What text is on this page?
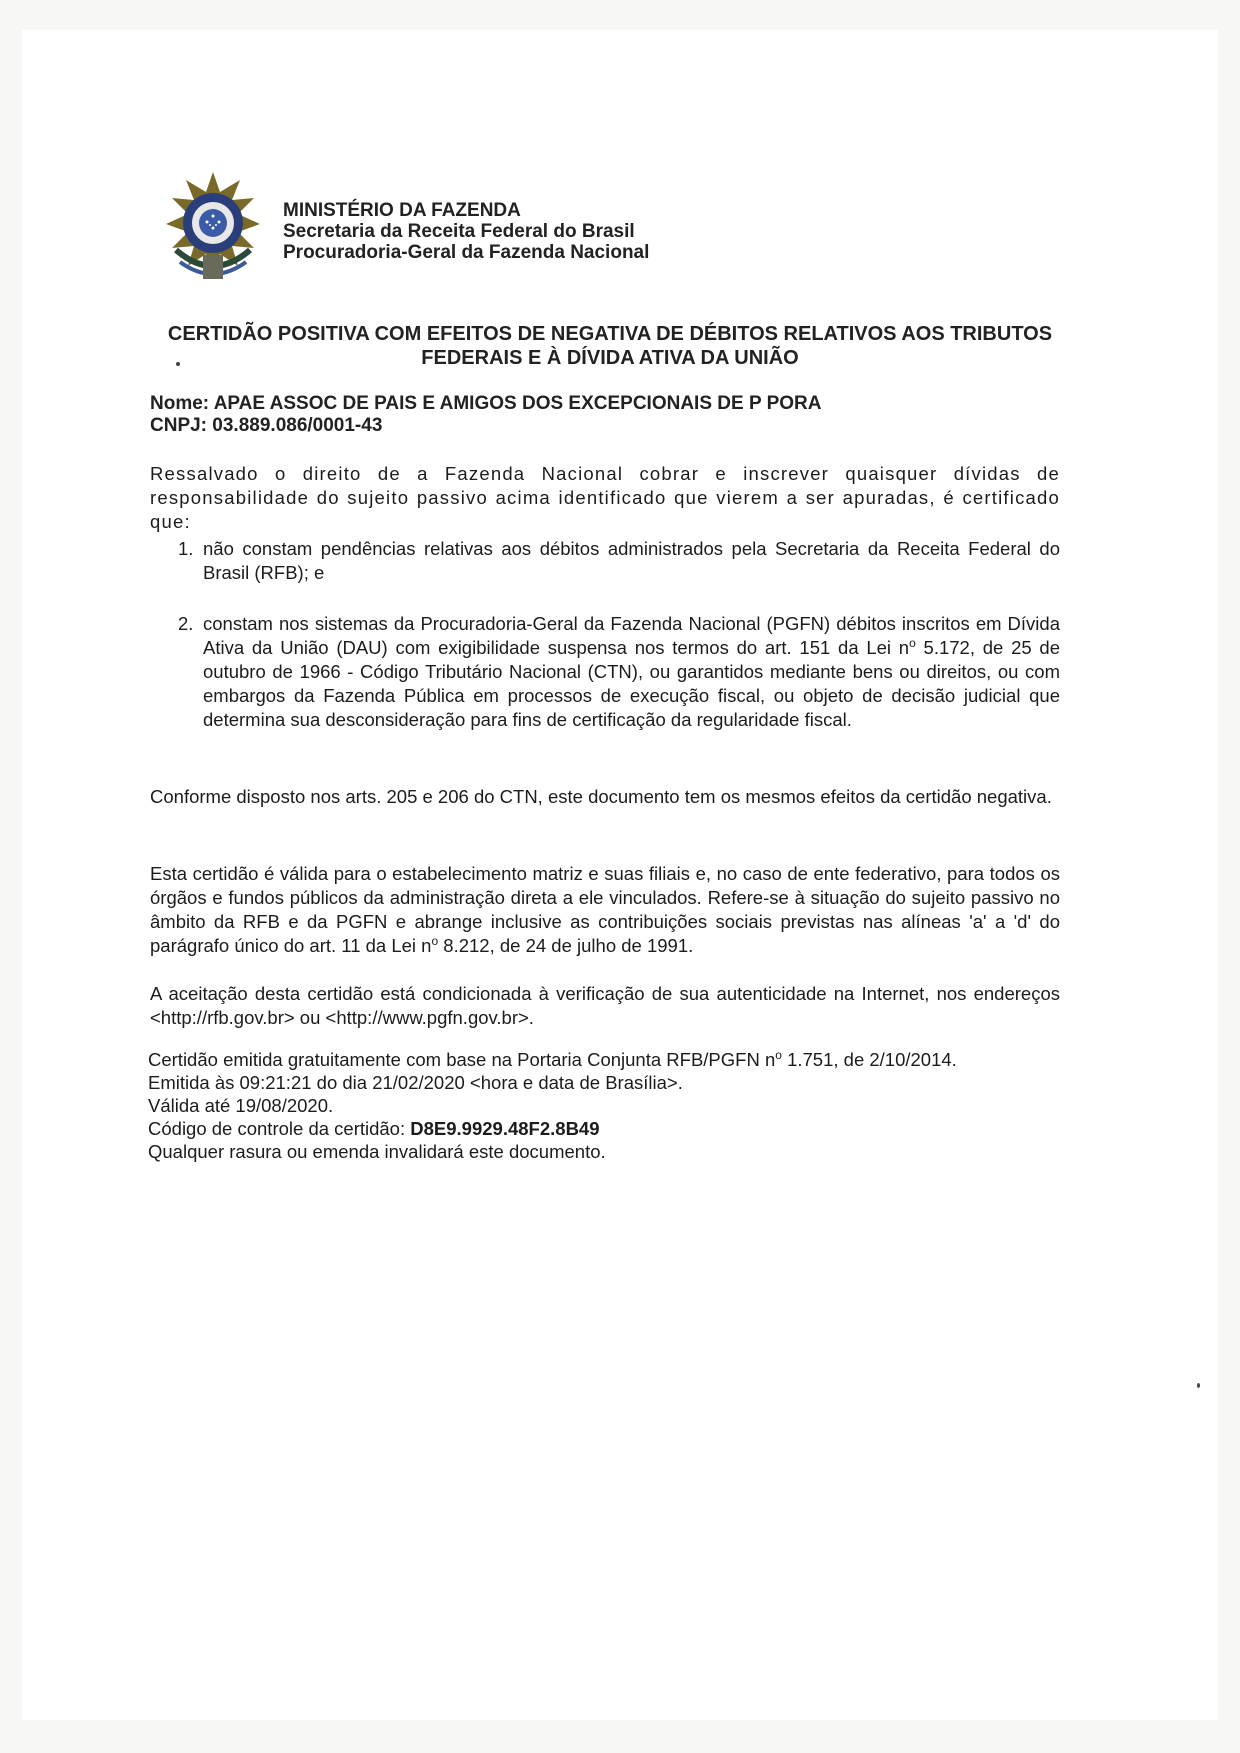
MINISTÉRIO DA FAZENDA
Secretaria da Receita Federal do Brasil
Procuradoria-Geral da Fazenda Nacional
CERTIDÃO POSITIVA COM EFEITOS DE NEGATIVA DE DÉBITOS RELATIVOS AOS TRIBUTOS
FEDERAIS E À DÍVIDA ATIVA DA UNIÃO
Nome: APAE ASSOC DE PAIS E AMIGOS DOS EXCEPCIONAIS DE P PORA
CNPJ: 03.889.086/0001-43
Ressalvado o direito de a Fazenda Nacional cobrar e inscrever quaisquer dívidas de responsabilidade do sujeito passivo acima identificado que vierem a ser apuradas, é certificado que:
1. não constam pendências relativas aos débitos administrados pela Secretaria da Receita Federal do Brasil (RFB); e
2. constam nos sistemas da Procuradoria-Geral da Fazenda Nacional (PGFN) débitos inscritos em Dívida Ativa da União (DAU) com exigibilidade suspensa nos termos do art. 151 da Lei $n^o$ 5.172, de 25 de outubro de 1966 - Código Tributário Nacional (CTN), ou garantidos mediante bens ou direitos, ou com embargos da Fazenda Pública em processos de execução fiscal, ou objeto de decisão judicial que determina sua desconsideração para fins de certificação da regularidade fiscal.
Conforme disposto nos arts. 205 e 206 do CTN, este documento tem os mesmos efeitos da certidão negativa.
Esta certidão é válida para o estabelecimento matriz e suas filiais e, no caso de ente federativo, para todos os órgãos e fundos públicos da administração direta a ele vinculados. Refere-se à situação do sujeito passivo no âmbito da RFB e da PGFN e abrange inclusive as contribuições sociais previstas nas alíneas 'a' a 'd' do parágrafo único do art. 11 da Lei $n^o$ 8.212, de 24 de julho de 1991.
A aceitação desta certidão está condicionada à verificação de sua autenticidade na Internet, nos endereços <http://rfb.gov.br> ou <http://www.pgfn.gov.br>.
Certidão emitida gratuitamente com base na Portaria Conjunta RFB/PGFN $n^o$ 1.751, de 2/10/2014.
Emitida às 09:21:21 do dia 21/02/2020 <hora e data de Brasília>.
Válida até 19/08/2020.
Código de controle da certidão: D8E9.9929.48F2.8B49
Qualquer rasura ou emenda invalidará este documento.
